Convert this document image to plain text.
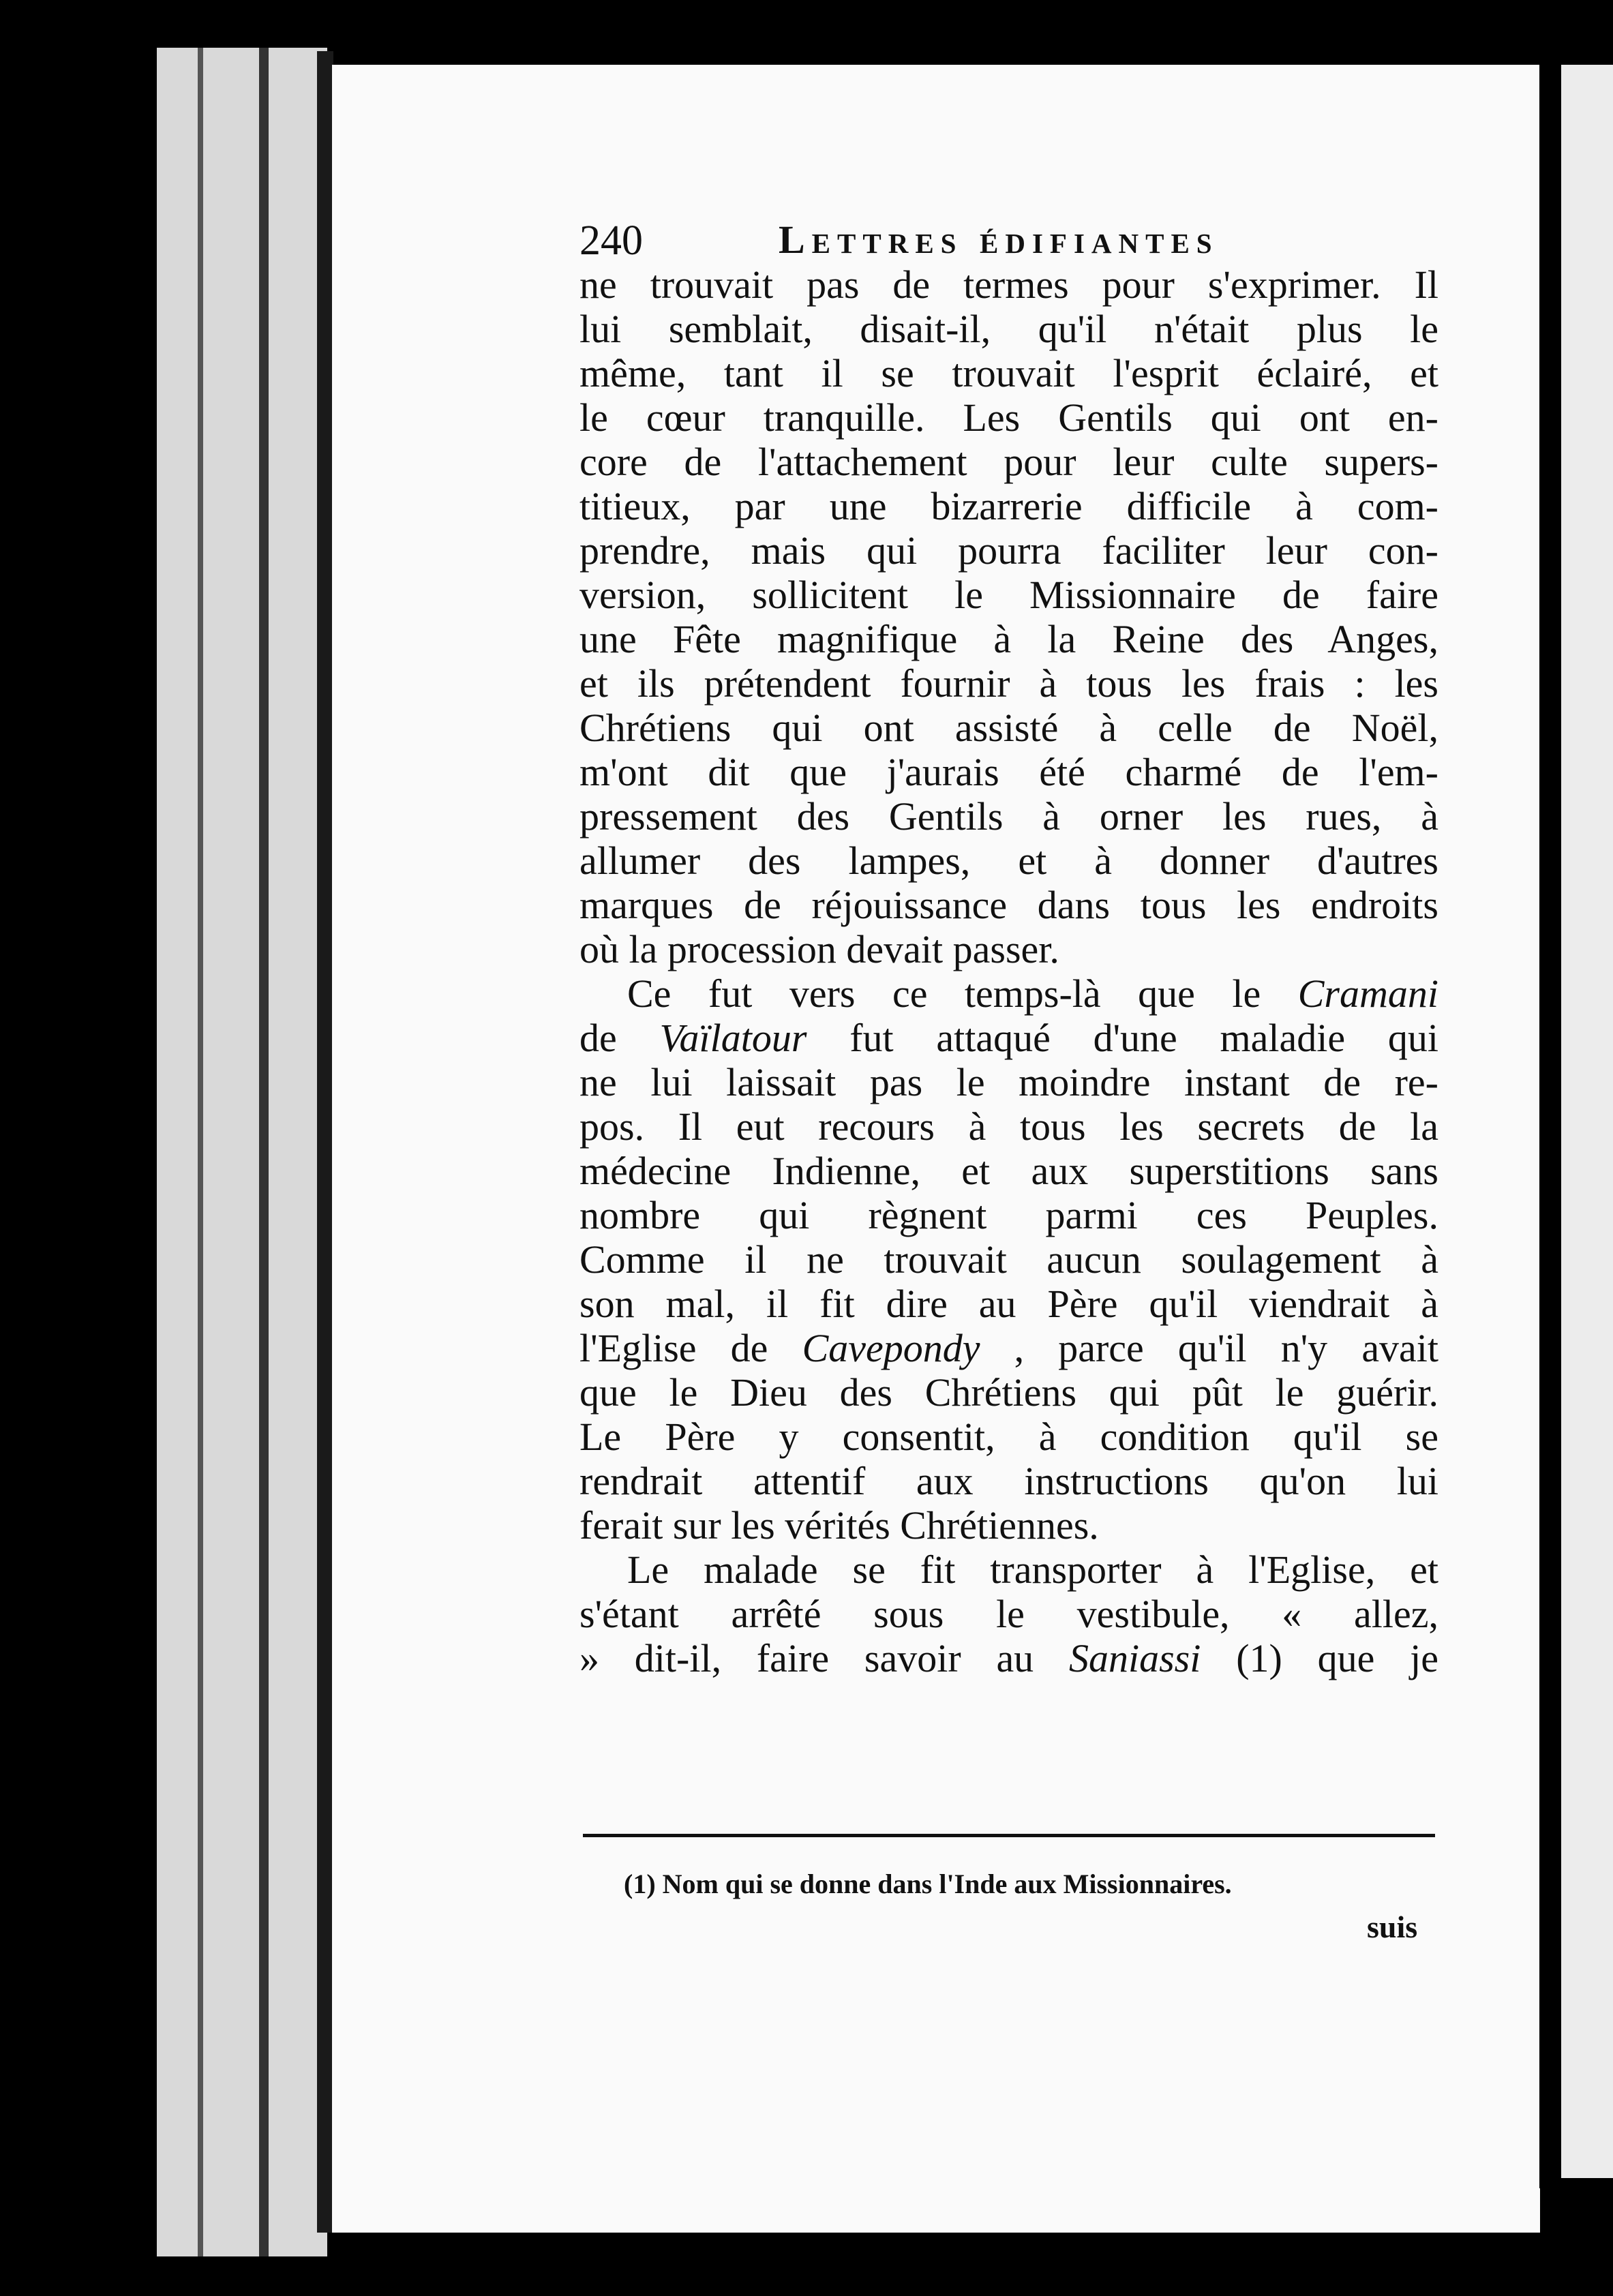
240	Lettres édifiantes
ne trouvait pas de termes pour s'exprimer. Il
lui semblait, disait-il, qu'il n'était plus le
même, tant il se trouvait l'esprit éclairé, et
le cœur tranquille. Les Gentils qui ont en-
core de l'attachement pour leur culte supers-
titieux, par une bizarrerie difficile à com-
prendre, mais qui pourra faciliter leur con-
version, sollicitent le Missionnaire de faire
une Fête magnifique à la Reine des Anges,
et ils prétendent fournir à tous les frais : les
Chrétiens qui ont assisté à celle de Noël,
m'ont dit que j'aurais été charmé de l'em-
pressement des Gentils à orner les rues, à
allumer des lampes, et à donner d'autres
marques de réjouissance dans tous les endroits
où la procession devait passer.
Ce fut vers ce temps-là que le Cramani
de Vaïlatour fut attaqué d'une maladie qui
ne lui laissait pas le moindre instant de re-
pos. Il eut recours à tous les secrets de la
médecine Indienne, et aux superstitions sans
nombre qui règnent parmi ces Peuples.
Comme il ne trouvait aucun soulagement à
son mal, il fit dire au Père qu'il viendrait à
l'Eglise de Cavepondy , parce qu'il n'y avait
que le Dieu des Chrétiens qui pût le guérir.
Le Père y consentit, à condition qu'il se
rendrait attentif aux instructions qu'on lui
ferait sur les vérités Chrétiennes.
Le malade se fit transporter à l'Eglise, et
s'étant arrêté sous le vestibule, « allez,
» dit-il, faire savoir au Saniassi (1) que je
(1) Nom qui se donne dans l'Inde aux Missionnaires.
suis
